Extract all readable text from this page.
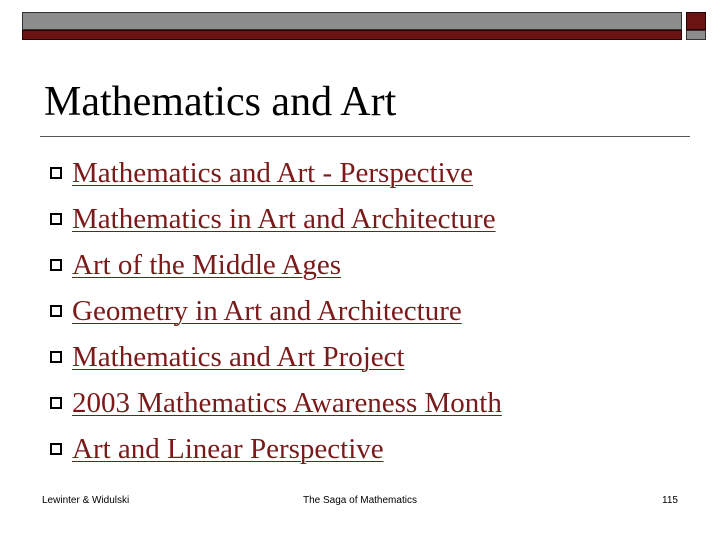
Mathematics and Art
Mathematics and Art - Perspective
Mathematics in Art and Architecture
Art of the Middle Ages
Geometry in Art and Architecture
Mathematics and Art Project
2003 Mathematics Awareness Month
Art and Linear Perspective
Lewinter & Widulski	The Saga of Mathematics	115
